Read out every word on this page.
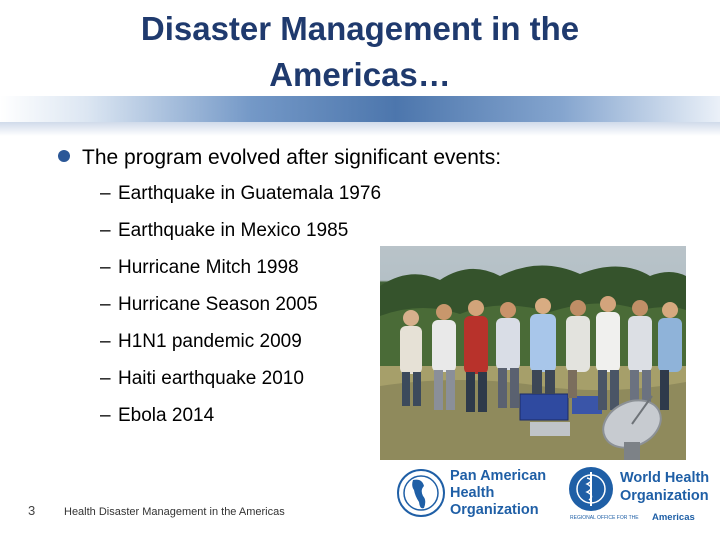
Disaster Management in the
Americas…
The program evolved after significant events:
– Earthquake in Guatemala 1976
– Earthquake in Mexico 1985
– Hurricane Mitch 1998
– Hurricane Season 2005
– H1N1 pandemic 2009
– Haiti earthquake 2010
– Ebola 2014
Pan American
Health
Organization
World Health
Organization
REGIONAL OFFICE FOR THE Americas
3	Health Disaster Management in the Americas
